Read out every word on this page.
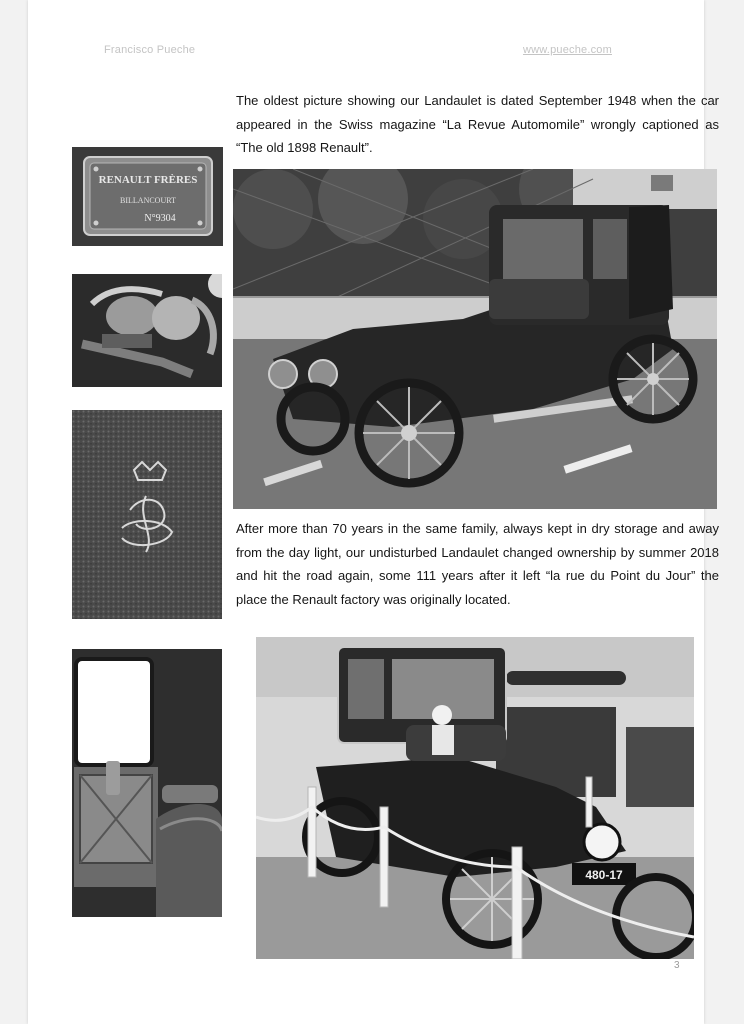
Francisco Pueche	www.pueche.com

The oldest picture showing our Landaulet is dated September 1948 when the car appeared in the Swiss magazine “La Revue Automomile” wrongly captioned as “The old 1898 Renault”.

RENAULT FRÈRES
BILLANCOURT
N°9304

After more than 70 years in the same family, always kept in dry storage and away from the day light, our undisturbed Landaulet changed ownership by summer 2018 and hit the road again, some 111 years after it left “la rue du Point du Jour” the place the Renault factory was originally located.

480-17
3
